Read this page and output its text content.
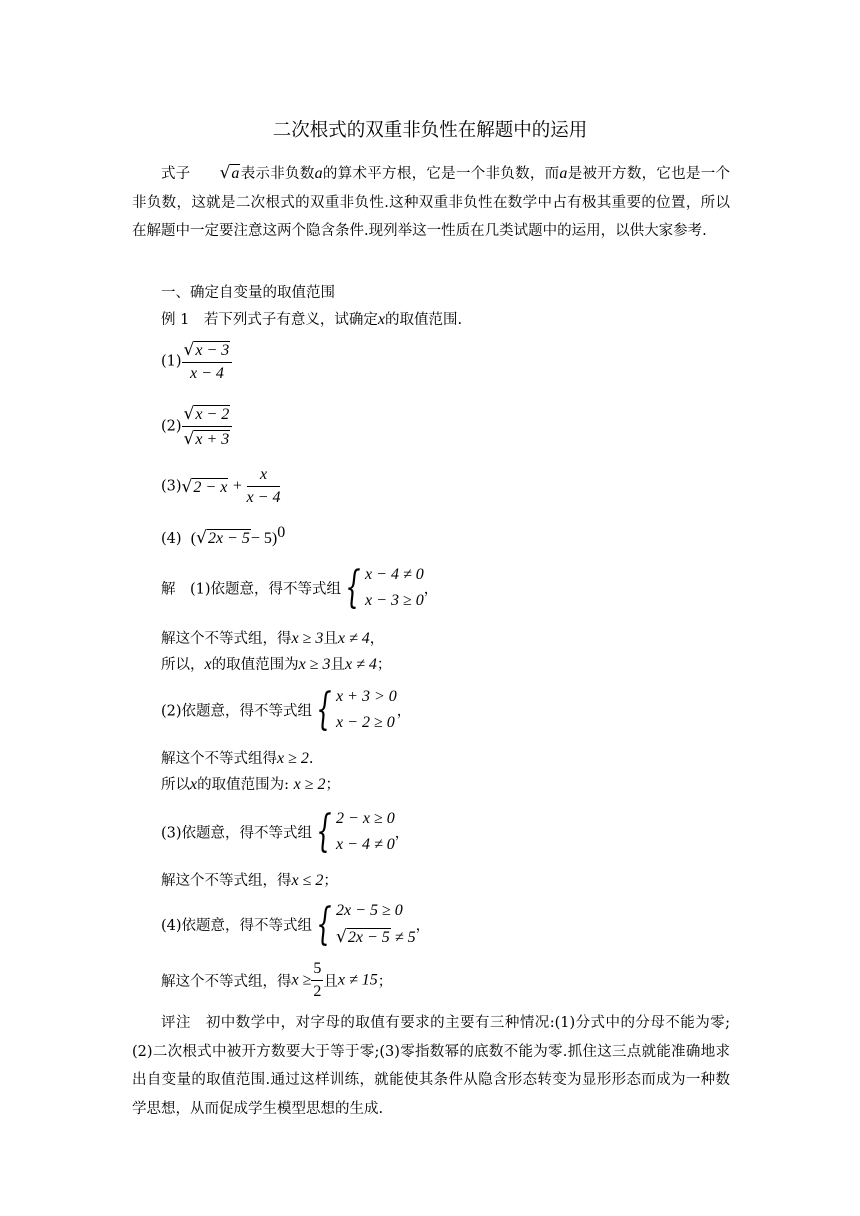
二次根式的双重非负性在解题中的运用
式子 √a表示非负数a的算术平方根，它是一个非负数，而a是被开方数，它也是一个非负数，这就是二次根式的双重非负性.这种双重非负性在数学中占有极其重要的位置，所以在解题中一定要注意这两个隐含条件.现列举这一性质在几类试题中的运用，以供大家参考.
一、确定自变量的取值范围
例 1　 若下列式子有意义，试确定x的取值范围.
$(1) \frac{√x - 3}{x - 4}$
$(2) \frac{√x - 2}{√x + 3}$
$(3)√2 - x + \frac{x}{x - 4}$
(4) $(√2x - 5- 5)^0$
解　(1)依题意，得不等式组{ x − 4 ≠ 0
x − 3 ≥ 0
，
解这个不等式组，得x ≥ 3且x ≠ 4，
所以，x的取值范围为x ≥ 3且x ≠ 4；
(2)依题意，得不等式组{ x + 3 > 0
x − 2 ≥ 0
，
解这个不等式组得x ≥ 2.
所以x的取值范围为: x ≥ 2；
(3)依题意，得不等式组{ 2 − x ≥ 0
x − 4 ≠ 0
，
解这个不等式组，得x ≤ 2；
(4)依题意，得不等式组{ 2x − 5 ≥ 0
√2x − 5 ≠ 5
，
解这个不等式组，得$x \ge \frac{5}{2}$ 且x ≠ 15；
评注　初中数学中，对字母的取值有要求的主要有三种情况:(1)分式中的分母不能为零;(2)二次根式中被开方数要大于等于零;(3)零指数幂的底数不能为零.抓住这三点就能准确地求出自变量的取值范围.通过这样训练，就能使其条件从隐含形态转变为显形形态而成为一种数学思想，从而促成学生模型思想的生成.
